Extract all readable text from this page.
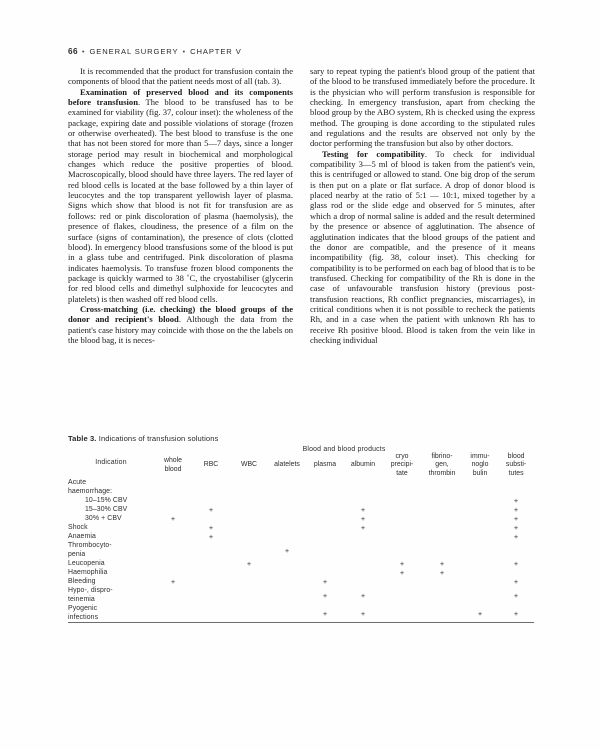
66 • GENERAL SURGERY • CHAPTER V

It is recommended that the product for transfusion contain the components of blood that the patient needs most of all (tab. 3).

Examination of preserved blood and its components before transfusion. The blood to be transfused has to be examined for viability (fig. 37, colour inset): the wholeness of the package, expiring date and possible violations of storage (frozen or otherwise overheated). The best blood to transfuse is the one that has not been stored for more than 5—7 days, since a longer storage period may result in biochemical and morphological changes which reduce the positive properties of blood. Macroscopically, blood should have three layers. The red layer of red blood cells is located at the base followed by a thin layer of leucocytes and the top transparent yellowish layer of plasma. Signs which show that blood is not fit for transfusion are as follows: red or pink discoloration of plasma (haemolysis), the presence of flakes, cloudiness, the presence of a film on the surface (signs of contamination), the presence of clots (clotted blood). In emergency blood transfusions some of the blood is put in a glass tube and centrifuged. Pink discoloration of plasma indicates haemolysis. To transfuse frozen blood components the package is quickly warmed to 38 ˚C, the cryostabiliser (glycerin for red blood cells and dimethyl sulphoxide for leucocytes and platelets) is then washed off red blood cells.

Cross-matching (i.e. checking) the blood groups of the donor and recipient's blood. Although the data from the patient's case history may coincide with those on the the labels on the blood bag, it is neces-

sary to repeat typing the patient's blood group of the patient that of the blood to be transfused immediately before the procedure. It is the physician who will perform transfusion is responsible for checking. In emergency transfusion, apart from checking the blood group by the ABO system, Rh is checked using the express method. The grouping is done according to the stipulated rules and regulations and the results are observed not only by the doctor performing the transfusion but also by other doctors.

Testing for compatibility. To check for individual compatibility 3—5 ml of blood is taken from the patient's vein, this is centrifuged or allowed to stand. One big drop of the serum is then put on a plate or flat surface. A drop of donor blood is placed nearby at the ratio of 5:1 — 10:1, mixed together by a glass rod or the slide edge and observed for 5 minutes, after which a drop of normal saline is added and the result determined by the presence or absence of agglutination. The absence of agglutination indicates that the blood groups of the patient and the donor are compatible, and the presence of it means incompatibility (fig. 38, colour inset). This checking for compatibility is to be performed on each bag of blood that is to be transfused. Checking for compatibility of the Rh is done in the case of unfavourable transfusion history (previous post-transfusion reactions, Rh conflict pregnancies, miscarriages), in critical conditions when it is not possible to recheck the patients Rh, and in a case when the patient with unknown Rh has to receive Rh positive blood. Blood is taken from the vein like in checking individual

Table 3. Indications of transfusion solutions
Indication	Blood and blood products									

whole
blood

RBC	WBC	alatelets	plasma	albumin

cryo
precipi-
tate

fibrino-
gen,
thrombin

immu-
noglo
bulin

blood
substi-
tutes

Acute
haemorrhage:										

10–15% CBV										+

15–30% CBV		+				+				+

30% + CBV	+					+				+

Shock		+				+				+

Anaemia		+								+

Thrombocyto-
penia				+						

Leucopenia			+				+	+		+

Haemophilia							+	+		

Bleeding	+				+					+

Hypo-, dispro-
teinemia					+	+				+

Pyogenic
infections					+	+			+	+
